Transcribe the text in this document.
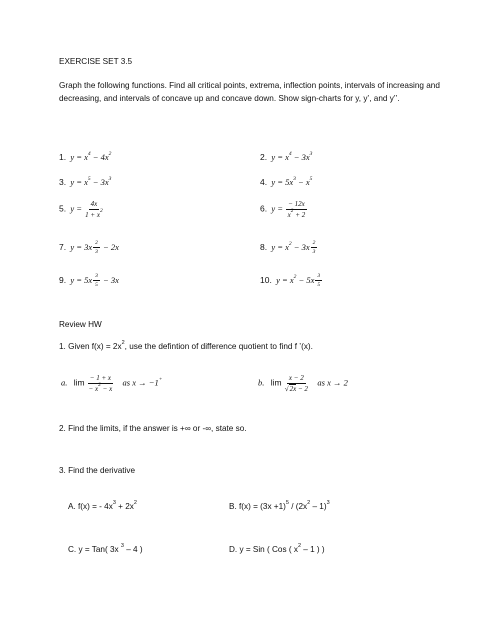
EXERCISE SET 3.5
Graph the following functions. Find all critical points, extrema, inflection points, intervals of increasing and decreasing, and intervals of concave up and concave down. Show sign-charts for y, y’, and y’’.
1. $y = x^4 - 4x^2$	2. $y = x^4 - 3x^3$
3. $y = x^5 - 3x^3$	4. $y = 5x^3 - x^5$
5. $y = \frac{4x}{1 + x^2}$	6. $y = \frac{- 12x}{x^2 + 2}$
7. $y = 3x \frac{2}{3} - 2x$	8. $y = x^2 - 3x \frac{2}{3}$
9. $y = 5x \frac{3}{5} - 3x$	10. $y = x^2 - 5x \frac{3}{5}$
Review HW
1. Given $f(x) = 2x^2$, use the defintion of difference quotient to find f ’(x).
a. $\lim \frac{- 1 + x}{- x^2 - x}$ as x → −1+	b. $\lim \frac{x - 2}{√2x - 2}$ as x → 2
2. Find the limits, if the answer is +∞ or -∞, state so.
3. Find the derivative
A. f(x) = - $4x^3 + 2x^2$	B. $f(x) = (3x +1)^5 / (2x^2 - 1)^3$
C. y = Tan( 3x $^3$ – 4 )	D. y = Sin ( Cos ( $x^2 - 1$ ) )
